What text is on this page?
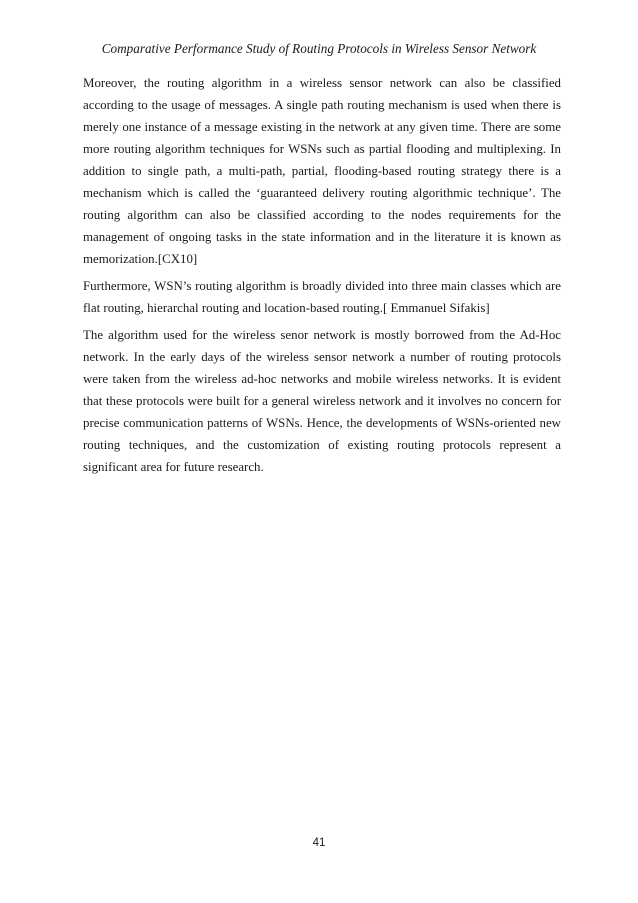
Comparative Performance Study of Routing Protocols in Wireless Sensor Network

Moreover, the routing algorithm in a wireless sensor network can also be classified according to the usage of messages. A single path routing mechanism is used when there is merely one instance of a message existing in the network at any given time. There are some more routing algorithm techniques for WSNs such as partial flooding and multiplexing. In addition to single path, a multi-path, partial, flooding-based routing strategy there is a mechanism which is called the ‘guaranteed delivery routing algorithmic technique’. The routing algorithm can also be classified according to the nodes requirements for the management of ongoing tasks in the state information and in the literature it is known as memorization.[CX10]

Furthermore, WSN’s routing algorithm is broadly divided into three main classes which are flat routing, hierarchal routing and location-based routing.[ Emmanuel Sifakis]

The algorithm used for the wireless senor network is mostly borrowed from the Ad-Hoc network. In the early days of the wireless sensor network a number of routing protocols were taken from the wireless ad-hoc networks and mobile wireless networks. It is evident that these protocols were built for a general wireless network and it involves no concern for precise communication patterns of WSNs. Hence, the developments of WSNs-oriented new routing techniques, and the customization of existing routing protocols represent a significant area for future research.

41
